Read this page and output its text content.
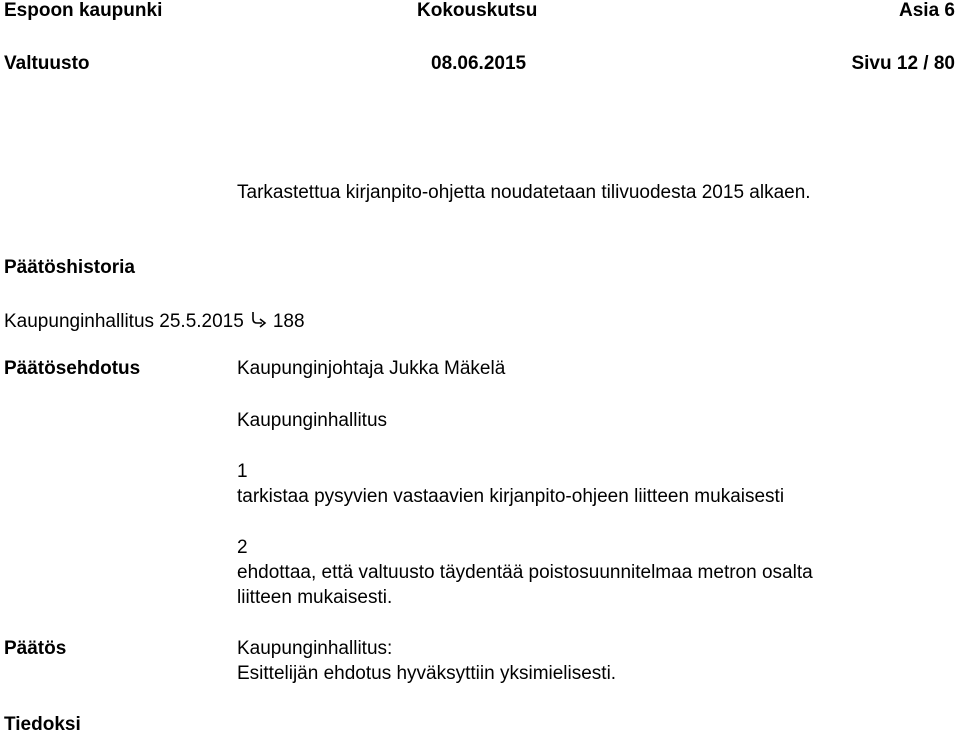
Espoon kaupunki	Kokouskutsu	Asia 6
Valtuusto	08.06.2015	Sivu 12 / 80
Tarkastettua kirjanpito-ohjetta noudatetaan tilivuodesta 2015 alkaen.
Päätöshistoria
Kaupunginhallitus 25.5.2015 188
Päätösehdotus	Kaupunginjohtaja Jukka Mäkelä
Kaupunginhallitus
1
tarkistaa pysyvien vastaavien kirjanpito-ohjeen liitteen mukaisesti
2
ehdottaa, että valtuusto täydentää poistosuunnitelmaa metron osalta
liitteen mukaisesti.
Päätös	Kaupunginhallitus:
Esittelijän ehdotus hyväksyttiin yksimielisesti.
Tiedoksi
